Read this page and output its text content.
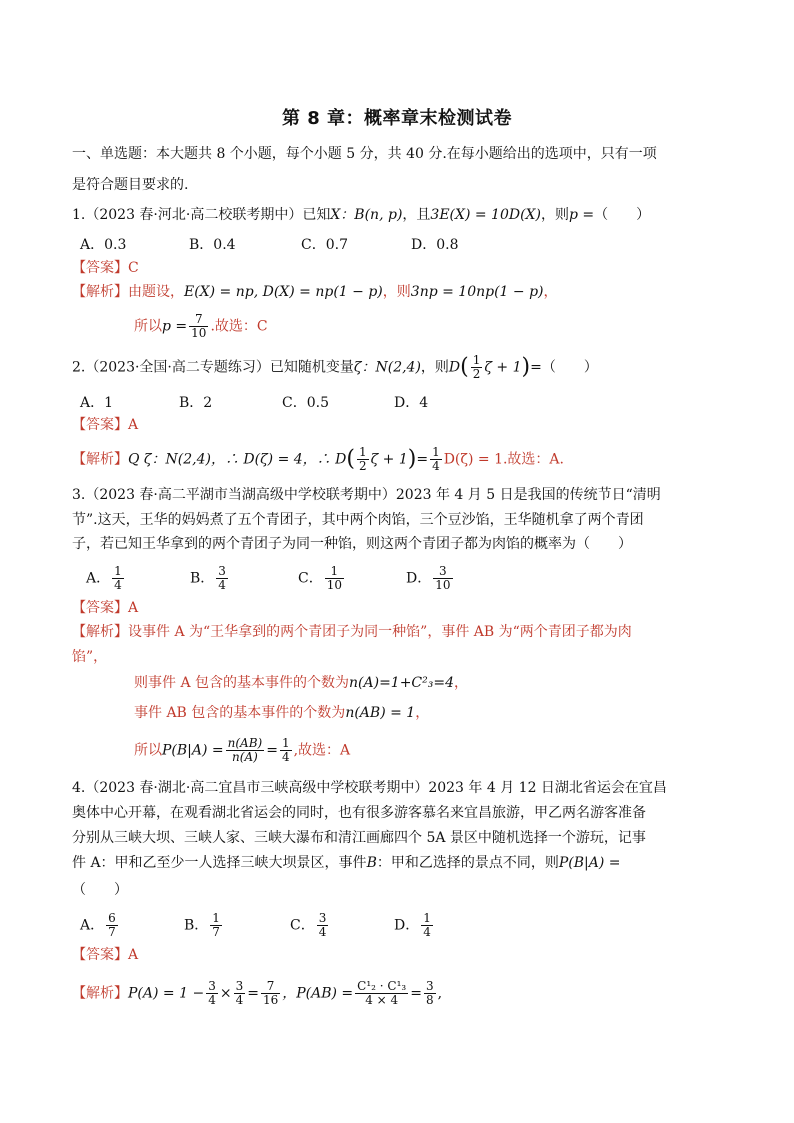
第 8 章：概率章末检测试卷
一、单选题：本大题共 8 个小题，每个小题 5 分，共 40 分.在每小题给出的选项中，只有一项
是符合题目要求的.
1.（2023 春·河北·高二校联考期中）已知X：B(n, p)，且3E(X) = 10D(X)，则p =（　　）
A．0.3	B．0.4	C．0.7	D．0.8
【答案】C
【解析】由题设，E(X) = np, D(X) = np(1 − p)，则3np = 10np(1 − p)，
所以$p = \frac{7}{10}$ .故选：C
2.（2023·全国·高二专题练习）已知随机变量ζ：N(2,4)，则$D( \frac{1}{2}$ ζ + 1)=（　　）
A．1	B．2	C．0.5	D．4
【答案】A
【解析】Q ζ：N(2,4)，∴ D(ζ) = 4，∴ $D( \frac{1}{2}$ $\zeta + 1)= \frac{1}{4} D(\zeta) = 1$.故选：A.
3.（2023 春·高二平湖市当湖高级中学校联考期中）2023 年 4 月 5 日是我国的传统节日“清明
节”.这天，王华的妈妈煮了五个青团子，其中两个肉馅，三个豆沙馅，王华随机拿了两个青团
子，若已知王华拿到的两个青团子为同一种馅，则这两个青团子都为肉馅的概率为（　　）
A． $\frac{1}{4}$	B． $\frac{3}{4}$	C． $\frac{1}{10}$	D． $\frac{3}{10}$
【答案】A
【解析】设事件 A 为“王华拿到的两个青团子为同一种馅”，事件 AB 为“两个青团子都为肉
馅”，
则事件 A 包含的基本事件的个数为n(A)=1+C²₃=4，
事件 AB 包含的基本事件的个数为n(AB) = 1，
所以$P(B|A) = \frac{n(AB)}{n(A)} = \frac{1}{4}$ ,故选：A
4.（2023 春·湖北·高二宜昌市三峡高级中学校联考期中）2023 年 4 月 12 日湖北省运会在宜昌
奥体中心开幕，在观看湖北省运会的同时，也有很多游客慕名来宜昌旅游，甲乙两名游客准备
分别从三峡大坝、三峡人家、三峡大瀑布和清江画廊四个 5A 景区中随机选择一个游玩，记事
件 A：甲和乙至少一人选择三峡大坝景区，事件B：甲和乙选择的景点不同，则P(B|A) =
（　　）
A． $\frac{6}{7}$	B． $\frac{1}{7}$	C． $\frac{3}{4}$	D． $\frac{1}{4}$
【答案】A
【解析】$P(A) = 1 - \frac{3}{4} \times \frac{3}{4} = \frac{7}{16}$ ，$P(AB) = \frac{\text{C¹₂ · C¹₃}}{4 \times 4} = \frac{3}{8}$ ,
